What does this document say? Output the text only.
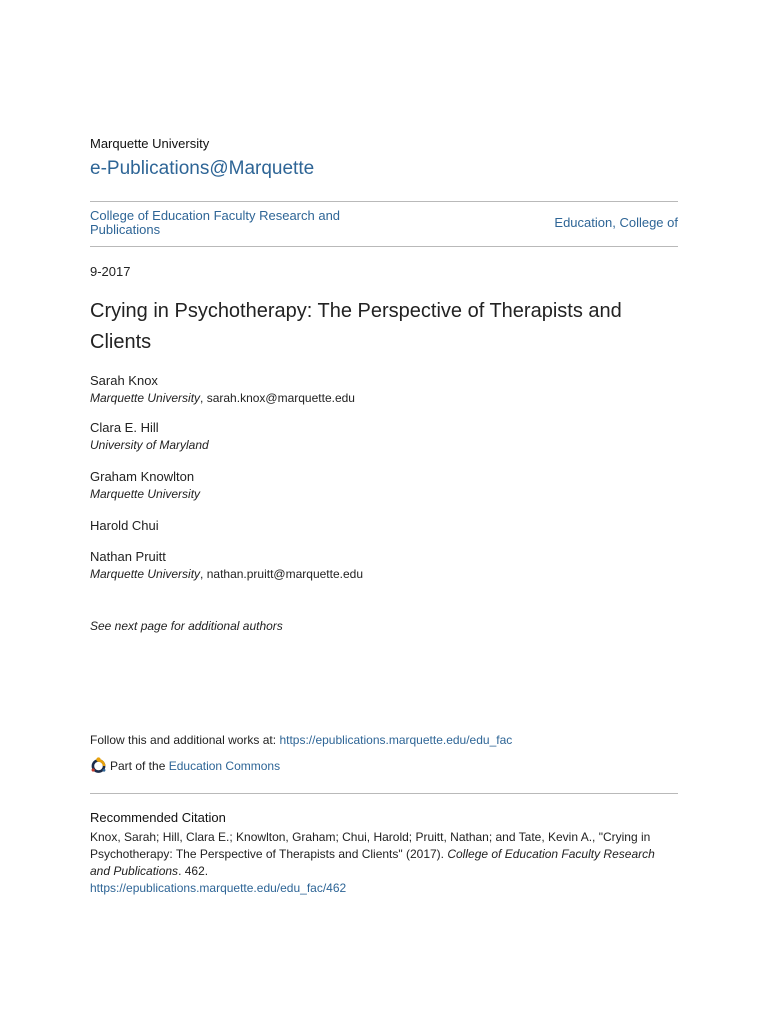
Marquette University
e-Publications@Marquette
College of Education Faculty Research and Publications	Education, College of
9-2017
Crying in Psychotherapy: The Perspective of Therapists and Clients
Sarah Knox
Marquette University, sarah.knox@marquette.edu
Clara E. Hill
University of Maryland
Graham Knowlton
Marquette University
Harold Chui
Nathan Pruitt
Marquette University, nathan.pruitt@marquette.edu
See next page for additional authors
Follow this and additional works at: https://epublications.marquette.edu/edu_fac
Part of the
Education Commons
Recommended Citation
Knox, Sarah; Hill, Clara E.; Knowlton, Graham; Chui, Harold; Pruitt, Nathan; and Tate, Kevin A., "Crying in Psychotherapy: The Perspective of Therapists and Clients" (2017). College of Education Faculty Research and Publications. 462.
https://epublications.marquette.edu/edu_fac/462
